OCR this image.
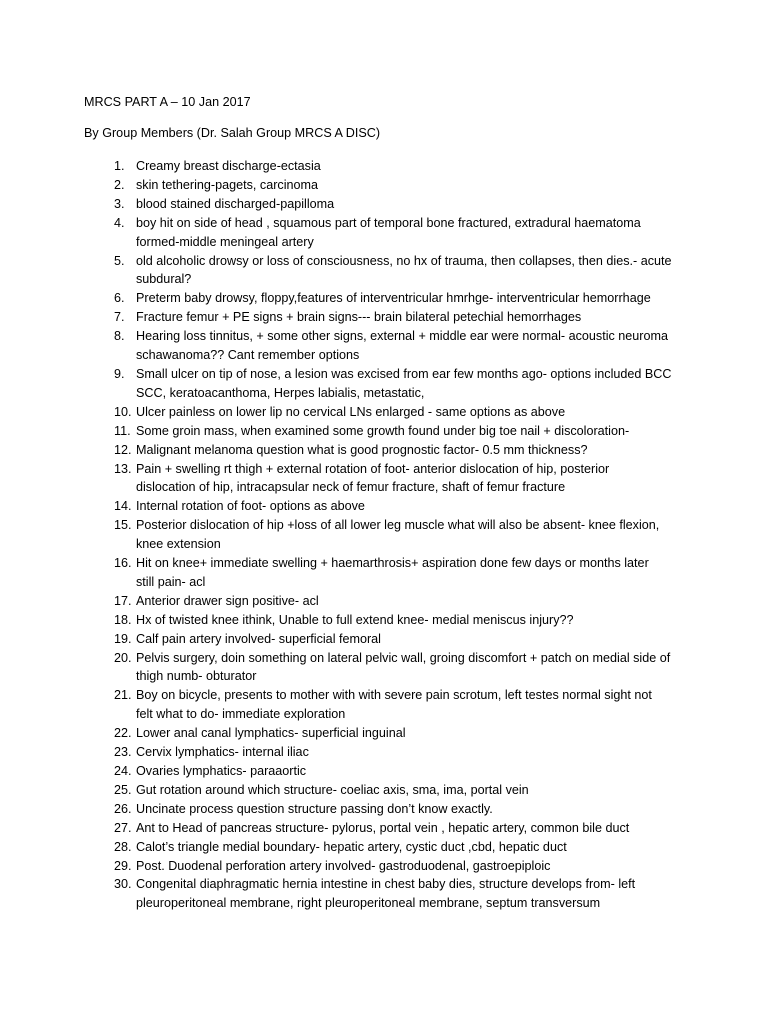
MRCS PART A – 10 Jan 2017
By Group Members (Dr. Salah Group MRCS A DISC)
1. Creamy breast discharge-ectasia
2. skin tethering-pagets, carcinoma
3. blood stained discharged-papilloma
4. boy hit on side of head , squamous part of temporal bone fractured, extradural haematoma
formed-middle meningeal artery
5. old alcoholic drowsy or loss of consciousness, no hx of trauma, then collapses, then dies.- acute
subdural?
6. Preterm baby drowsy, floppy,features of interventricular hmrhge- interventricular hemorrhage
7. Fracture femur + PE signs + brain signs--- brain bilateral petechial hemorrhages
8. Hearing loss tinnitus, + some other signs, external + middle ear were normal- acoustic neuroma
schawanoma?? Cant remember options
9. Small ulcer on tip of nose, a lesion was excised from ear few months ago- options included BCC
SCC, keratoacanthoma, Herpes labialis, metastatic,
10. Ulcer painless on lower lip no cervical LNs enlarged - same options as above
11. Some groin mass, when examined some growth found under big toe nail + discoloration-
12. Malignant melanoma question what is good prognostic factor- 0.5 mm thickness?
13. Pain + swelling rt thigh + external rotation of foot- anterior dislocation of hip, posterior
dislocation of hip, intracapsular neck of femur fracture, shaft of femur fracture
14. Internal rotation of foot- options as above
15. Posterior dislocation of hip +loss of all lower leg muscle what will also be absent- knee flexion,
knee extension
16. Hit on knee+ immediate swelling + haemarthrosis+ aspiration done few days or months later
still pain- acl
17. Anterior drawer sign positive- acl
18. Hx of twisted knee ithink, Unable to full extend knee- medial meniscus injury??
19. Calf pain artery involved- superficial femoral
20. Pelvis surgery, doin something on lateral pelvic wall, groing discomfort + patch on medial side of
thigh numb- obturator
21. Boy on bicycle, presents to mother with with severe pain scrotum, left testes normal sight not
felt what to do- immediate exploration
22. Lower anal canal lymphatics- superficial inguinal
23. Cervix lymphatics- internal iliac
24. Ovaries lymphatics- paraaortic
25. Gut rotation around which structure- coeliac axis, sma, ima, portal vein
26. Uncinate process question structure passing don’t know exactly.
27. Ant to Head of pancreas structure- pylorus, portal vein , hepatic artery, common bile duct
28. Calot’s triangle medial boundary- hepatic artery, cystic duct ,cbd, hepatic duct
29. Post. Duodenal perforation artery involved- gastroduodenal, gastroepiploic
30. Congenital diaphragmatic hernia intestine in chest baby dies, structure develops from- left
pleuroperitoneal membrane, right pleuroperitoneal membrane, septum transversum
